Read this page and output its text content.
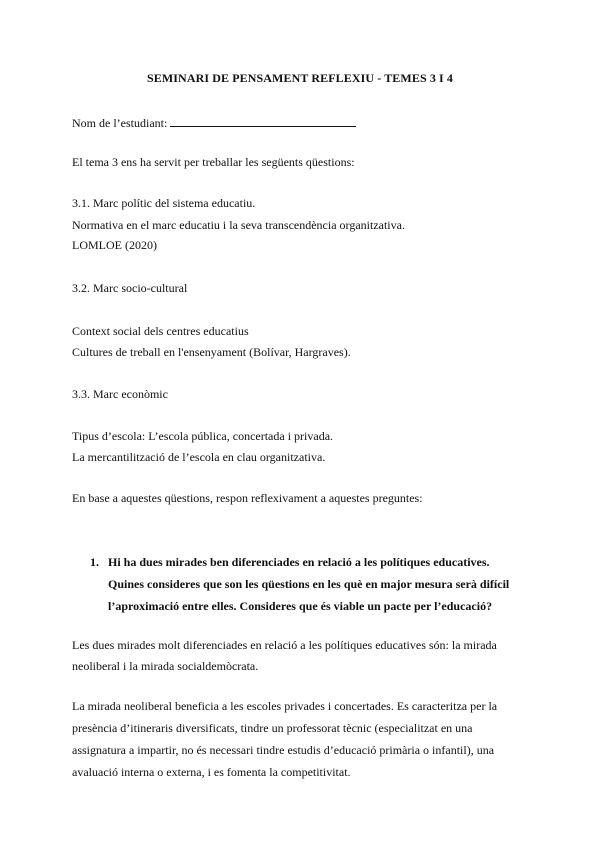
SEMINARI DE PENSAMENT REFLEXIU - TEMES 3 I 4
Nom de l’estudiant:
El tema 3 ens ha servit per treballar les següents qüestions:
3.1. Marc polític del sistema educatiu.
Normativa en el marc educatiu i la seva transcendència organitzativa.
LOMLOE (2020)
3.2. Marc socio-cultural
Context social dels centres educatius
Cultures de treball en l'ensenyament (Bolívar, Hargraves).
3.3. Marc econòmic
Tipus d’escola: L’escola pública, concertada i privada.
La mercantilització de l’escola en clau organitzativa.
En base a aquestes qüestions, respon reflexivament a aquestes preguntes:
1. Hi ha dues mirades ben diferenciades en relació a les polítiques educatives.
Quines consideres que son les qüestions en les què en major mesura serà difícil
l’aproximació entre elles. Consideres que és viable un pacte per l’educació?
Les dues mirades molt diferenciades en relació a les polítiques educatives són: la mirada
neoliberal i la mirada socialdemòcrata.
La mirada neoliberal beneficia a les escoles privades i concertades. Es caracteritza per la
presència d’itineraris diversificats, tindre un professorat tècnic (especialitzat en una
assignatura a impartir, no és necessari tindre estudis d’educació primària o infantil), una
avaluació interna o externa, i es fomenta la competitivitat.
